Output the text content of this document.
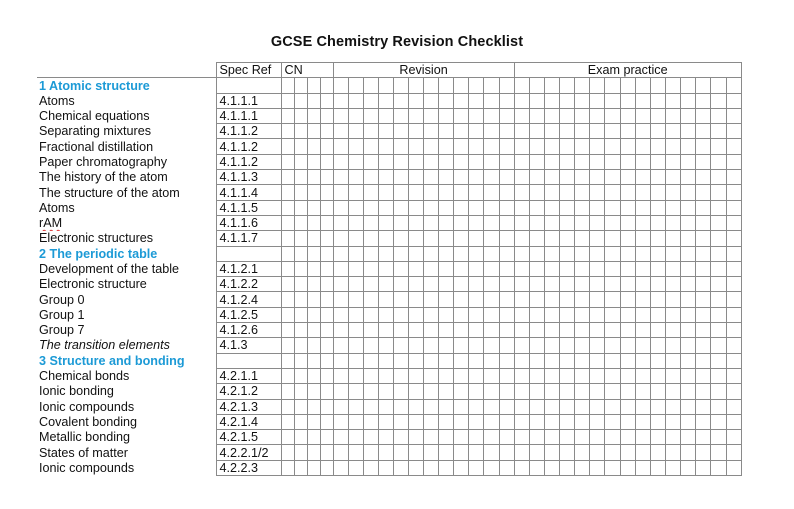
GCSE Chemistry Revision Checklist
	Spec Ref	CN				Revision												Exam practice														
1 Atomic structure																																
Atoms	4.1.1.1																															
Chemical equations	4.1.1.1																															
Separating mixtures	4.1.1.2																															
Fractional distillation	4.1.1.2																															
Paper chromatography	4.1.1.2																															
The history of the atom	4.1.1.3																															
The structure of the atom	4.1.1.4																															
Atoms	4.1.1.5																															
rAM	4.1.1.6																															
Electronic structures	4.1.1.7																															
2 The periodic table																																
Development of the table	4.1.2.1																															
Electronic structure	4.1.2.2																															
Group 0	4.1.2.4																															
Group 1	4.1.2.5																															
Group 7	4.1.2.6																															
The transition elements	4.1.3																															
3 Structure and bonding																																
Chemical bonds	4.2.1.1																															
Ionic bonding	4.2.1.2																															
Ionic compounds	4.2.1.3																															
Covalent bonding	4.2.1.4																															
Metallic bonding	4.2.1.5																															
States of matter	4.2.2.1/2																															
Ionic compounds	4.2.2.3																															
